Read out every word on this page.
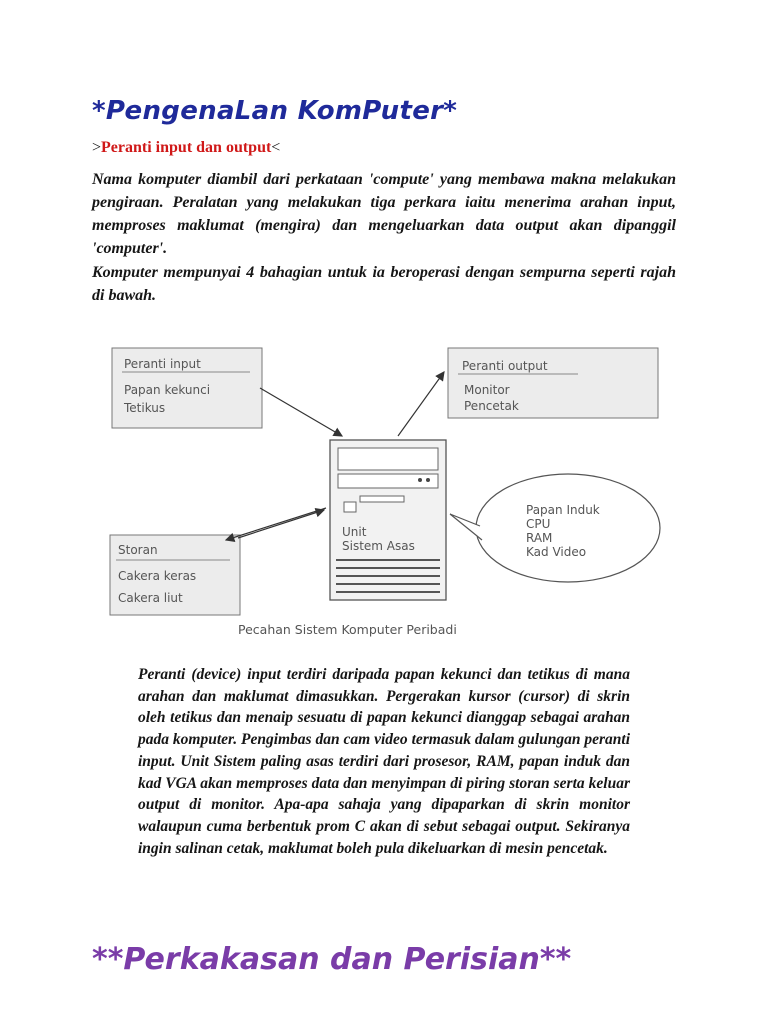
*PengenaLan KomPuter*
>Peranti input dan output<
Nama komputer diambil dari perkataan 'compute' yang membawa makna melakukan pengiraan. Peralatan yang melakukan tiga perkara iaitu menerima arahan input, memproses maklumat (mengira) dan mengeluarkan data output akan dipanggil 'computer'.
Komputer mempunyai 4 bahagian untuk ia beroperasi dengan sempurna seperti rajah di bawah.
Peranti input
Papan kekunci
Tetikus
Peranti output
Monitor
Pencetak
Storan
Cakera keras
Cakera liut
Unit
Sistem Asas
Papan Induk
CPU
RAM
Kad Video
Pecahan Sistem Komputer Peribadi
Peranti (device) input terdiri daripada papan kekunci dan tetikus di mana arahan dan maklumat dimasukkan. Pergerakan kursor (cursor) di skrin oleh tetikus dan menaip sesuatu di papan kekunci dianggap sebagai arahan pada komputer. Pengimbas dan cam video termasuk dalam gulungan peranti input. Unit Sistem paling asas terdiri dari prosesor, RAM, papan induk dan kad VGA akan memproses data dan menyimpan di piring storan serta keluar output di monitor. Apa-apa sahaja yang dipaparkan di skrin monitor walaupun cuma berbentuk prom C akan di sebut sebagai output. Sekiranya ingin salinan cetak, maklumat boleh pula dikeluarkan di mesin pencetak.
**Perkakasan dan Perisian**
